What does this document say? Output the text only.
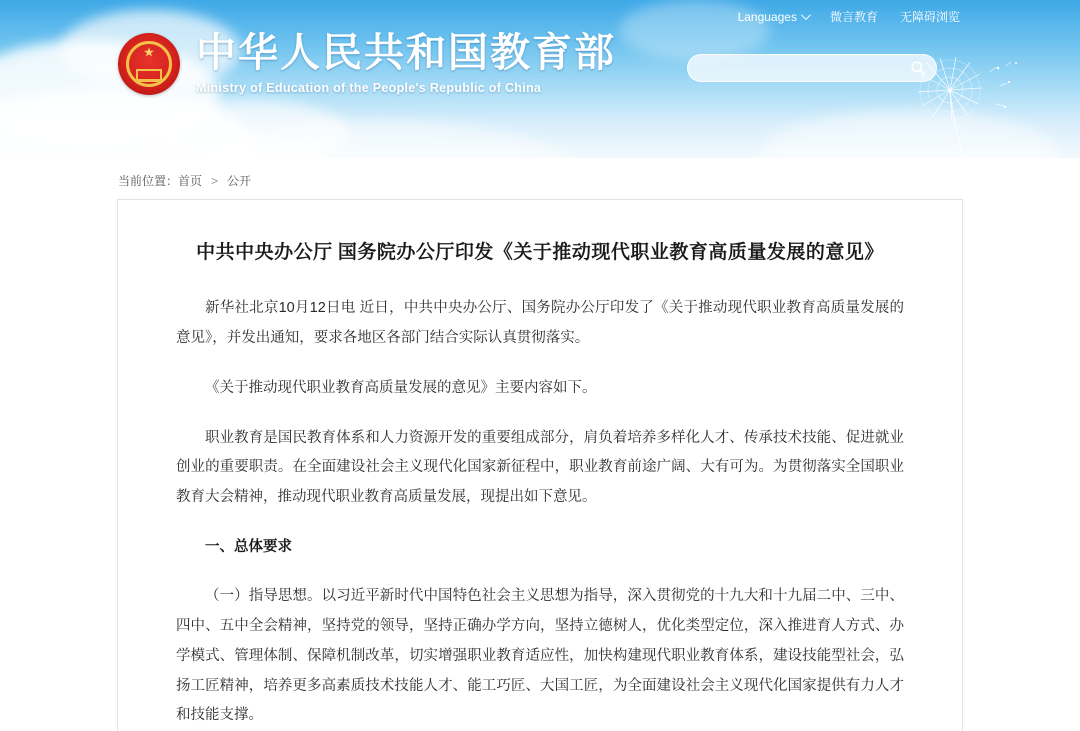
Languages	微言教育 无障碍浏览
★ 中华人民共和国教育部
Ministry of Education of the People's Republic of China
当前位置：首页 > 公开
中共中央办公厅 国务院办公厅印发《关于推动现代职业教育高质量发展的意见》

新华社北京10月12日电 近日，中共中央办公厅、国务院办公厅印发了《关于推动现代职业教育高质量发展的意见》，并发出通知，要求各地区各部门结合实际认真贯彻落实。

《关于推动现代职业教育高质量发展的意见》主要内容如下。

职业教育是国民教育体系和人力资源开发的重要组成部分，肩负着培养多样化人才、传承技术技能、促进就业创业的重要职责。在全面建设社会主义现代化国家新征程中，职业教育前途广阔、大有可为。为贯彻落实全国职业教育大会精神，推动现代职业教育高质量发展，现提出如下意见。

一、总体要求

（一）指导思想。以习近平新时代中国特色社会主义思想为指导，深入贯彻党的十九大和十九届二中、三中、四中、五中全会精神，坚持党的领导，坚持正确办学方向，坚持立德树人，优化类型定位，深入推进育人方式、办学模式、管理体制、保障机制改革，切实增强职业教育适应性，加快构建现代职业教育体系，建设技能型社会，弘扬工匠精神，培养更多高素质技术技能人才、能工巧匠、大国工匠，为全面建设社会主义现代化国家提供有力人才和技能支撑。
